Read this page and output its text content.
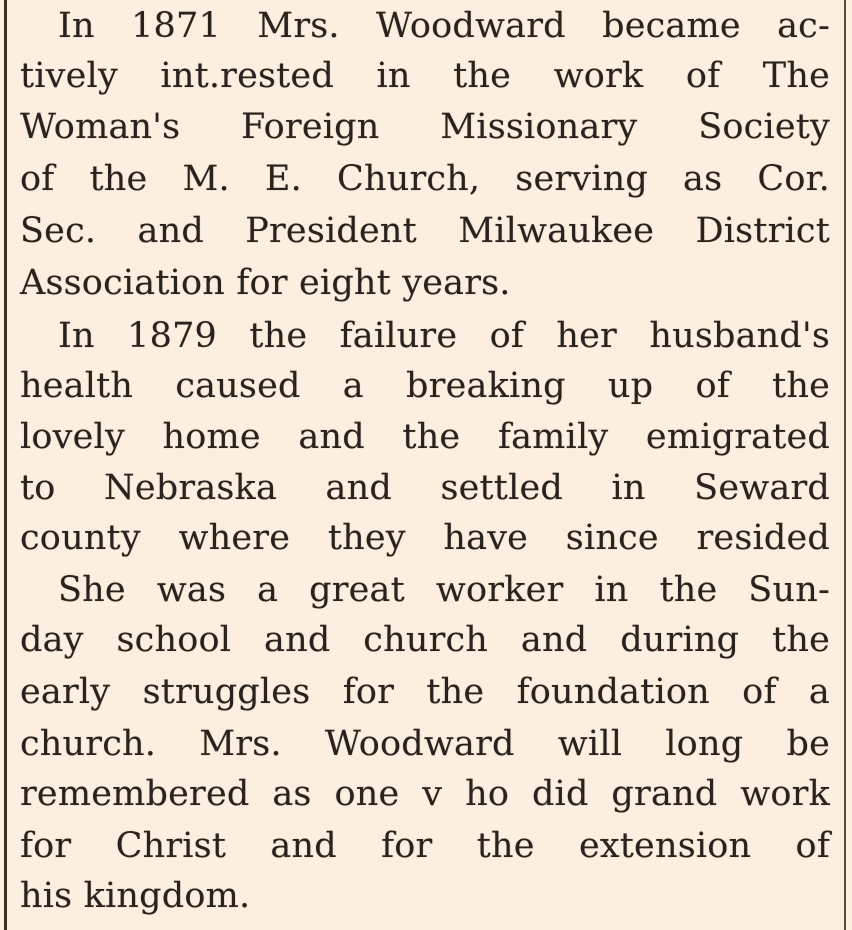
In 1871 Mrs. Woodward became ac-
tively int.rested in the work of The
Woman's Foreign Missionary Society
of the M. E. Church, serving as Cor.
Sec. and President Milwaukee District
Association for eight years.
In 1879 the failure of her husband's
health caused a breaking up of the
lovely home and the family emigrated
to Nebraska and settled in Seward
county where they have since resided
She was a great worker in the Sun-
day school and church and during the
early struggles for the foundation of a
church. Mrs. Woodward will long be
remembered as one v ho did grand work
for Christ and for the extension of
his kingdom.
